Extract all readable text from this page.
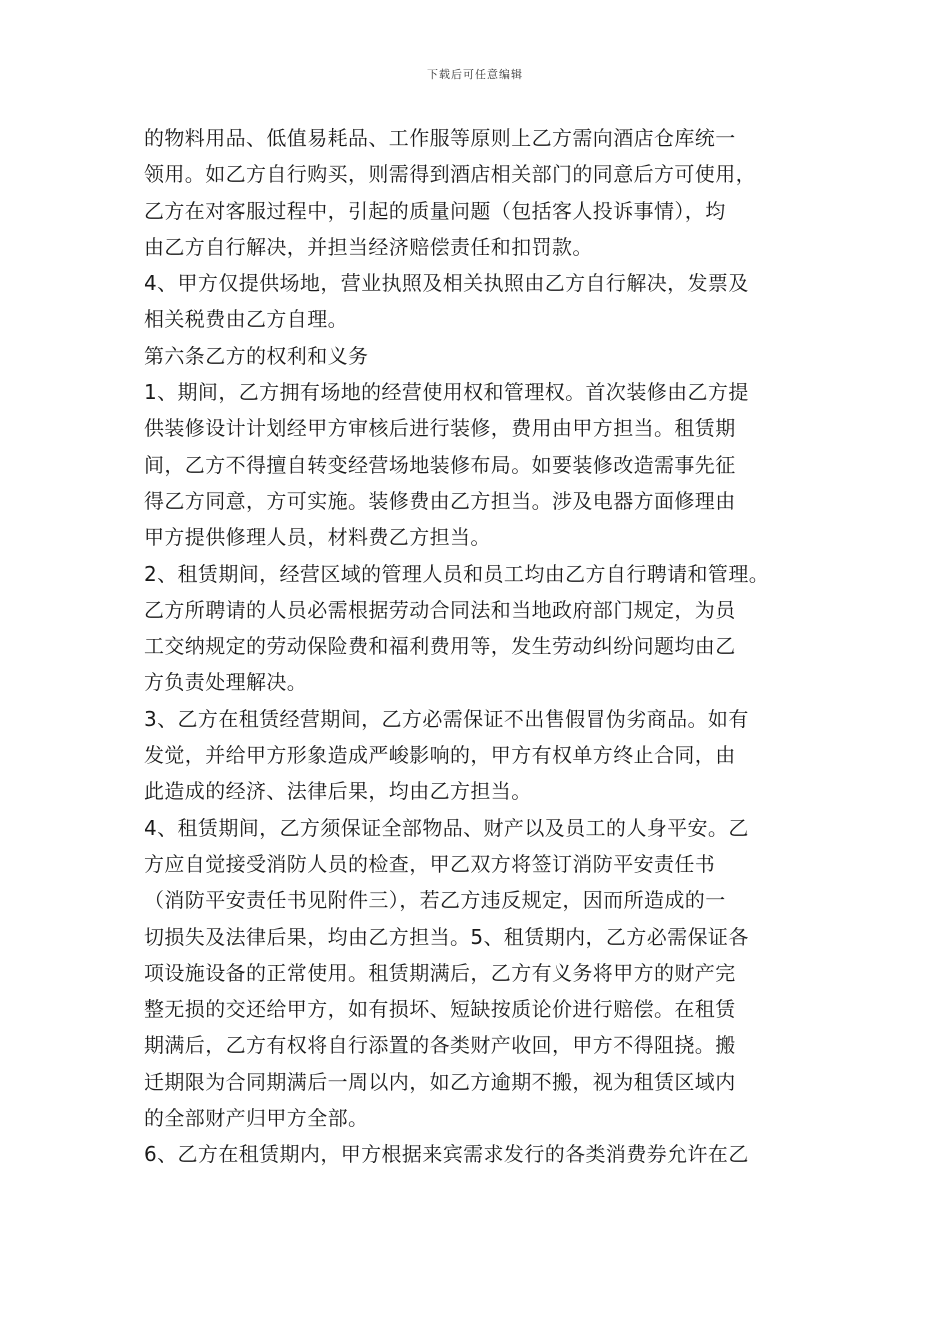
下载后可任意编辑
的物料用品、低值易耗品、工作服等原则上乙方需向酒店仓库统一
领用。如乙方自行购买，则需得到酒店相关部门的同意后方可使用，
乙方在对客服过程中，引起的质量问题（包括客人投诉事情），均
由乙方自行解决，并担当经济赔偿责任和扣罚款。
4、甲方仅提供场地，营业执照及相关执照由乙方自行解决，发票及
相关税费由乙方自理。
第六条乙方的权利和义务
1、期间，乙方拥有场地的经营使用权和管理权。首次装修由乙方提
供装修设计计划经甲方审核后进行装修，费用由甲方担当。租赁期
间，乙方不得擅自转变经营场地装修布局。如要装修改造需事先征
得乙方同意，方可实施。装修费由乙方担当。涉及电器方面修理由
甲方提供修理人员，材料费乙方担当。
2、租赁期间，经营区域的管理人员和员工均由乙方自行聘请和管理。
乙方所聘请的人员必需根据劳动合同法和当地政府部门规定，为员
工交纳规定的劳动保险费和福利费用等，发生劳动纠纷问题均由乙
方负责处理解决。
3、乙方在租赁经营期间，乙方必需保证不出售假冒伪劣商品。如有
发觉，并给甲方形象造成严峻影响的，甲方有权单方终止合同，由
此造成的经济、法律后果，均由乙方担当。
4、租赁期间，乙方须保证全部物品、财产以及员工的人身平安。乙
方应自觉接受消防人员的检查，甲乙双方将签订消防平安责任书
（消防平安责任书见附件三），若乙方违反规定，因而所造成的一
切损失及法律后果，均由乙方担当。5、租赁期内，乙方必需保证各
项设施设备的正常使用。租赁期满后，乙方有义务将甲方的财产完
整无损的交还给甲方，如有损坏、短缺按质论价进行赔偿。在租赁
期满后，乙方有权将自行添置的各类财产收回，甲方不得阻挠。搬
迁期限为合同期满后一周以内，如乙方逾期不搬，视为租赁区域内
的全部财产归甲方全部。
6、乙方在租赁期内，甲方根据来宾需求发行的各类消费券允许在乙
